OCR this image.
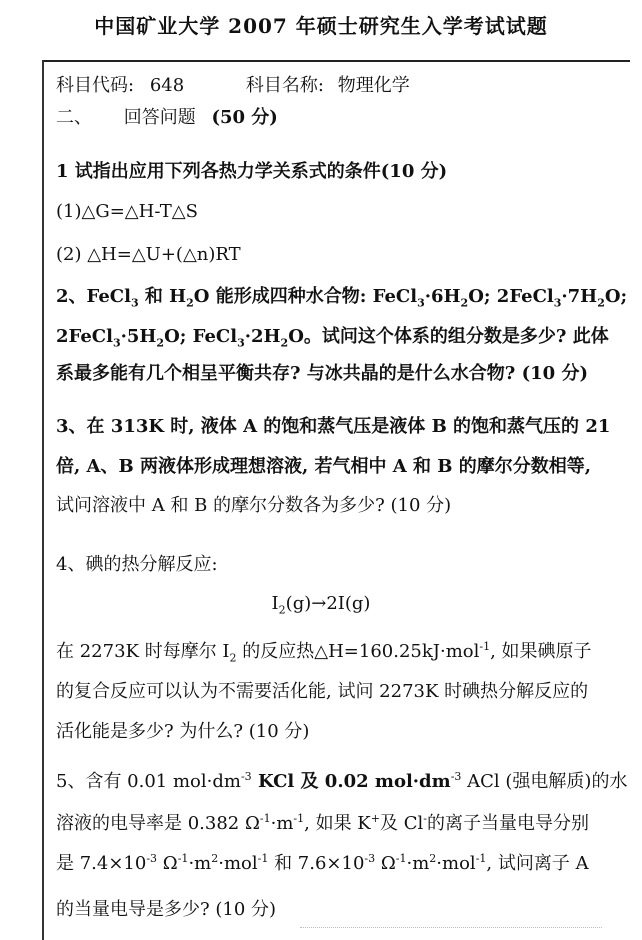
中国矿业大学 2007 年硕士研究生入学考试试题
科目代码: 648	科目名称: 物理化学
二、 回答问题 (50 分)
1 试指出应用下列各热力学关系式的条件(10 分)
(1)△G=△H-T△S
(2) △H=△U+(△n)RT
2、FeCl$_3$ 和 $H_2O$ 能形成四种水合物: $FeCl_3\cdot 6H_2O$; $2FeCl_3\cdot 7H_2O$;
$2FeCl_3\cdot 5H_2O$; $FeCl_3\cdot 2H_2O$。试问这个体系的组分数是多少? 此体
系最多能有几个相呈平衡共存? 与冰共晶的是什么水合物? (10 分)
3、在 313K 时, 液体 A 的饱和蒸气压是液体 B 的饱和蒸气压的 21
倍, A、B 两液体形成理想溶液, 若气相中 A 和 B 的摩尔分数相等,
试问溶液中 A 和 B 的摩尔分数各为多少? (10 分)
4、碘的热分解反应:
$I_2(g)\to 2I(g)$
在 2273K 时每摩尔 $I_2$ 的反应热△H=160.25kJ·mol$^{-1}$, 如果碘原子
的复合反应可以认为不需要活化能, 试问 2273K 时碘热分解反应的
活化能是多少? 为什么? (10 分)
5、含有 0.01 $mol\cdot dm^{-3}$ KCl 及 0.02 $mol\cdot dm^{-3}$ ACl (强电解质)的水
溶液的电导率是 0.382 $\Omega^{-1}\cdot m^{-1}$, 如果 K+及 Cl-的离子当量电导分别
是 $7.4\times 10^{-3}$ $\Omega^{-1}\cdot m^2\cdot mol^{-1}$ 和 $7.6\times 10^{-3}$ $\Omega^{-1}\cdot m^2\cdot mol^{-1}$, 试问离子 A
的当量电导是多少? (10 分)
